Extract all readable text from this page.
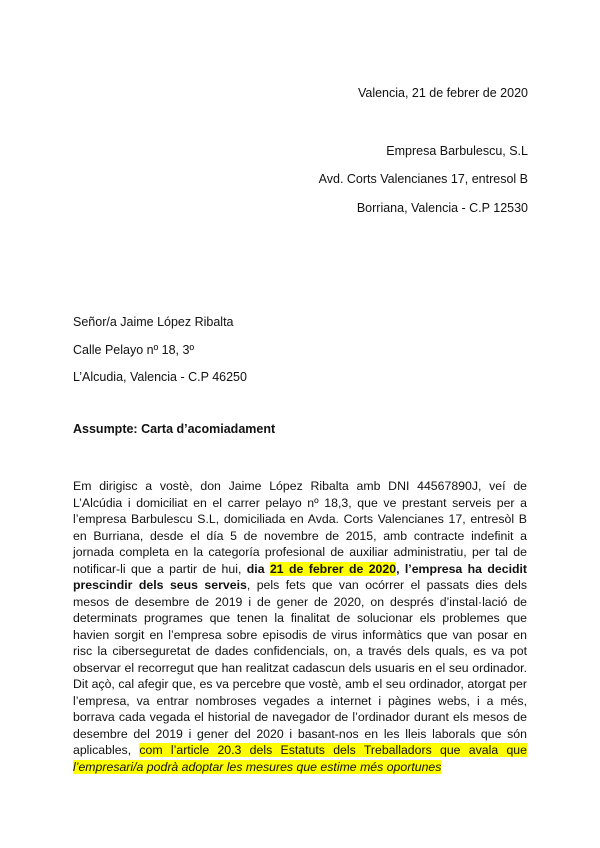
Valencia, 21 de febrer de 2020
Empresa Barbulescu, S.L
Avd. Corts Valencianes 17, entresol B
Borriana, Valencia - C.P 12530
Señor/a Jaime López Ribalta
Calle Pelayo nº 18, 3º
L’Alcudia, Valencia - C.P 46250
Assumpte: Carta d’acomiadament
Em dirigisc a vostè, don Jaime López Ribalta amb DNI 44567890J, veí de L’Alcúdia i domiciliat en el carrer pelayo nº 18,3, que ve prestant serveis per a l’empresa Barbulescu S.L, domiciliada en Avda. Corts Valencianes 17, entresòl B en Burriana, desde el día 5 de novembre de 2015, amb contracte indefinit a jornada completa en la categoría profesional de auxiliar administratiu, per tal de notificar-li que a partir de hui, dia 21 de febrer de 2020, l’empresa ha decidit prescindir dels seus serveis, pels fets que van ocórrer el passats dies dels mesos de desembre de 2019 i de gener de 2020, on després d’instal·lació de determinats programes que tenen la finalitat de solucionar els problemes que havien sorgit en l’empresa sobre episodis de virus informàtics que van posar en risc la ciberseguretat de dades confidencials, on, a través dels quals, es va pot observar el recorregut que han realitzat cadascun dels usuaris en el seu ordinador. Dit açò, cal afegir que, es va percebre que vostè, amb el seu ordinador, atorgat per l’empresa, va entrar nombroses vegades a internet i pàgines webs, i a més, borrava cada vegada el historial de navegador de l’ordinador durant els mesos de desembre del 2019 i gener del 2020 i basant-nos en les lleis laborals que són aplicables, com l’article 20.3 dels Estatuts dels Treballadors que avala que l’empresari/a podrà adoptar les mesures que estime més oportunes
